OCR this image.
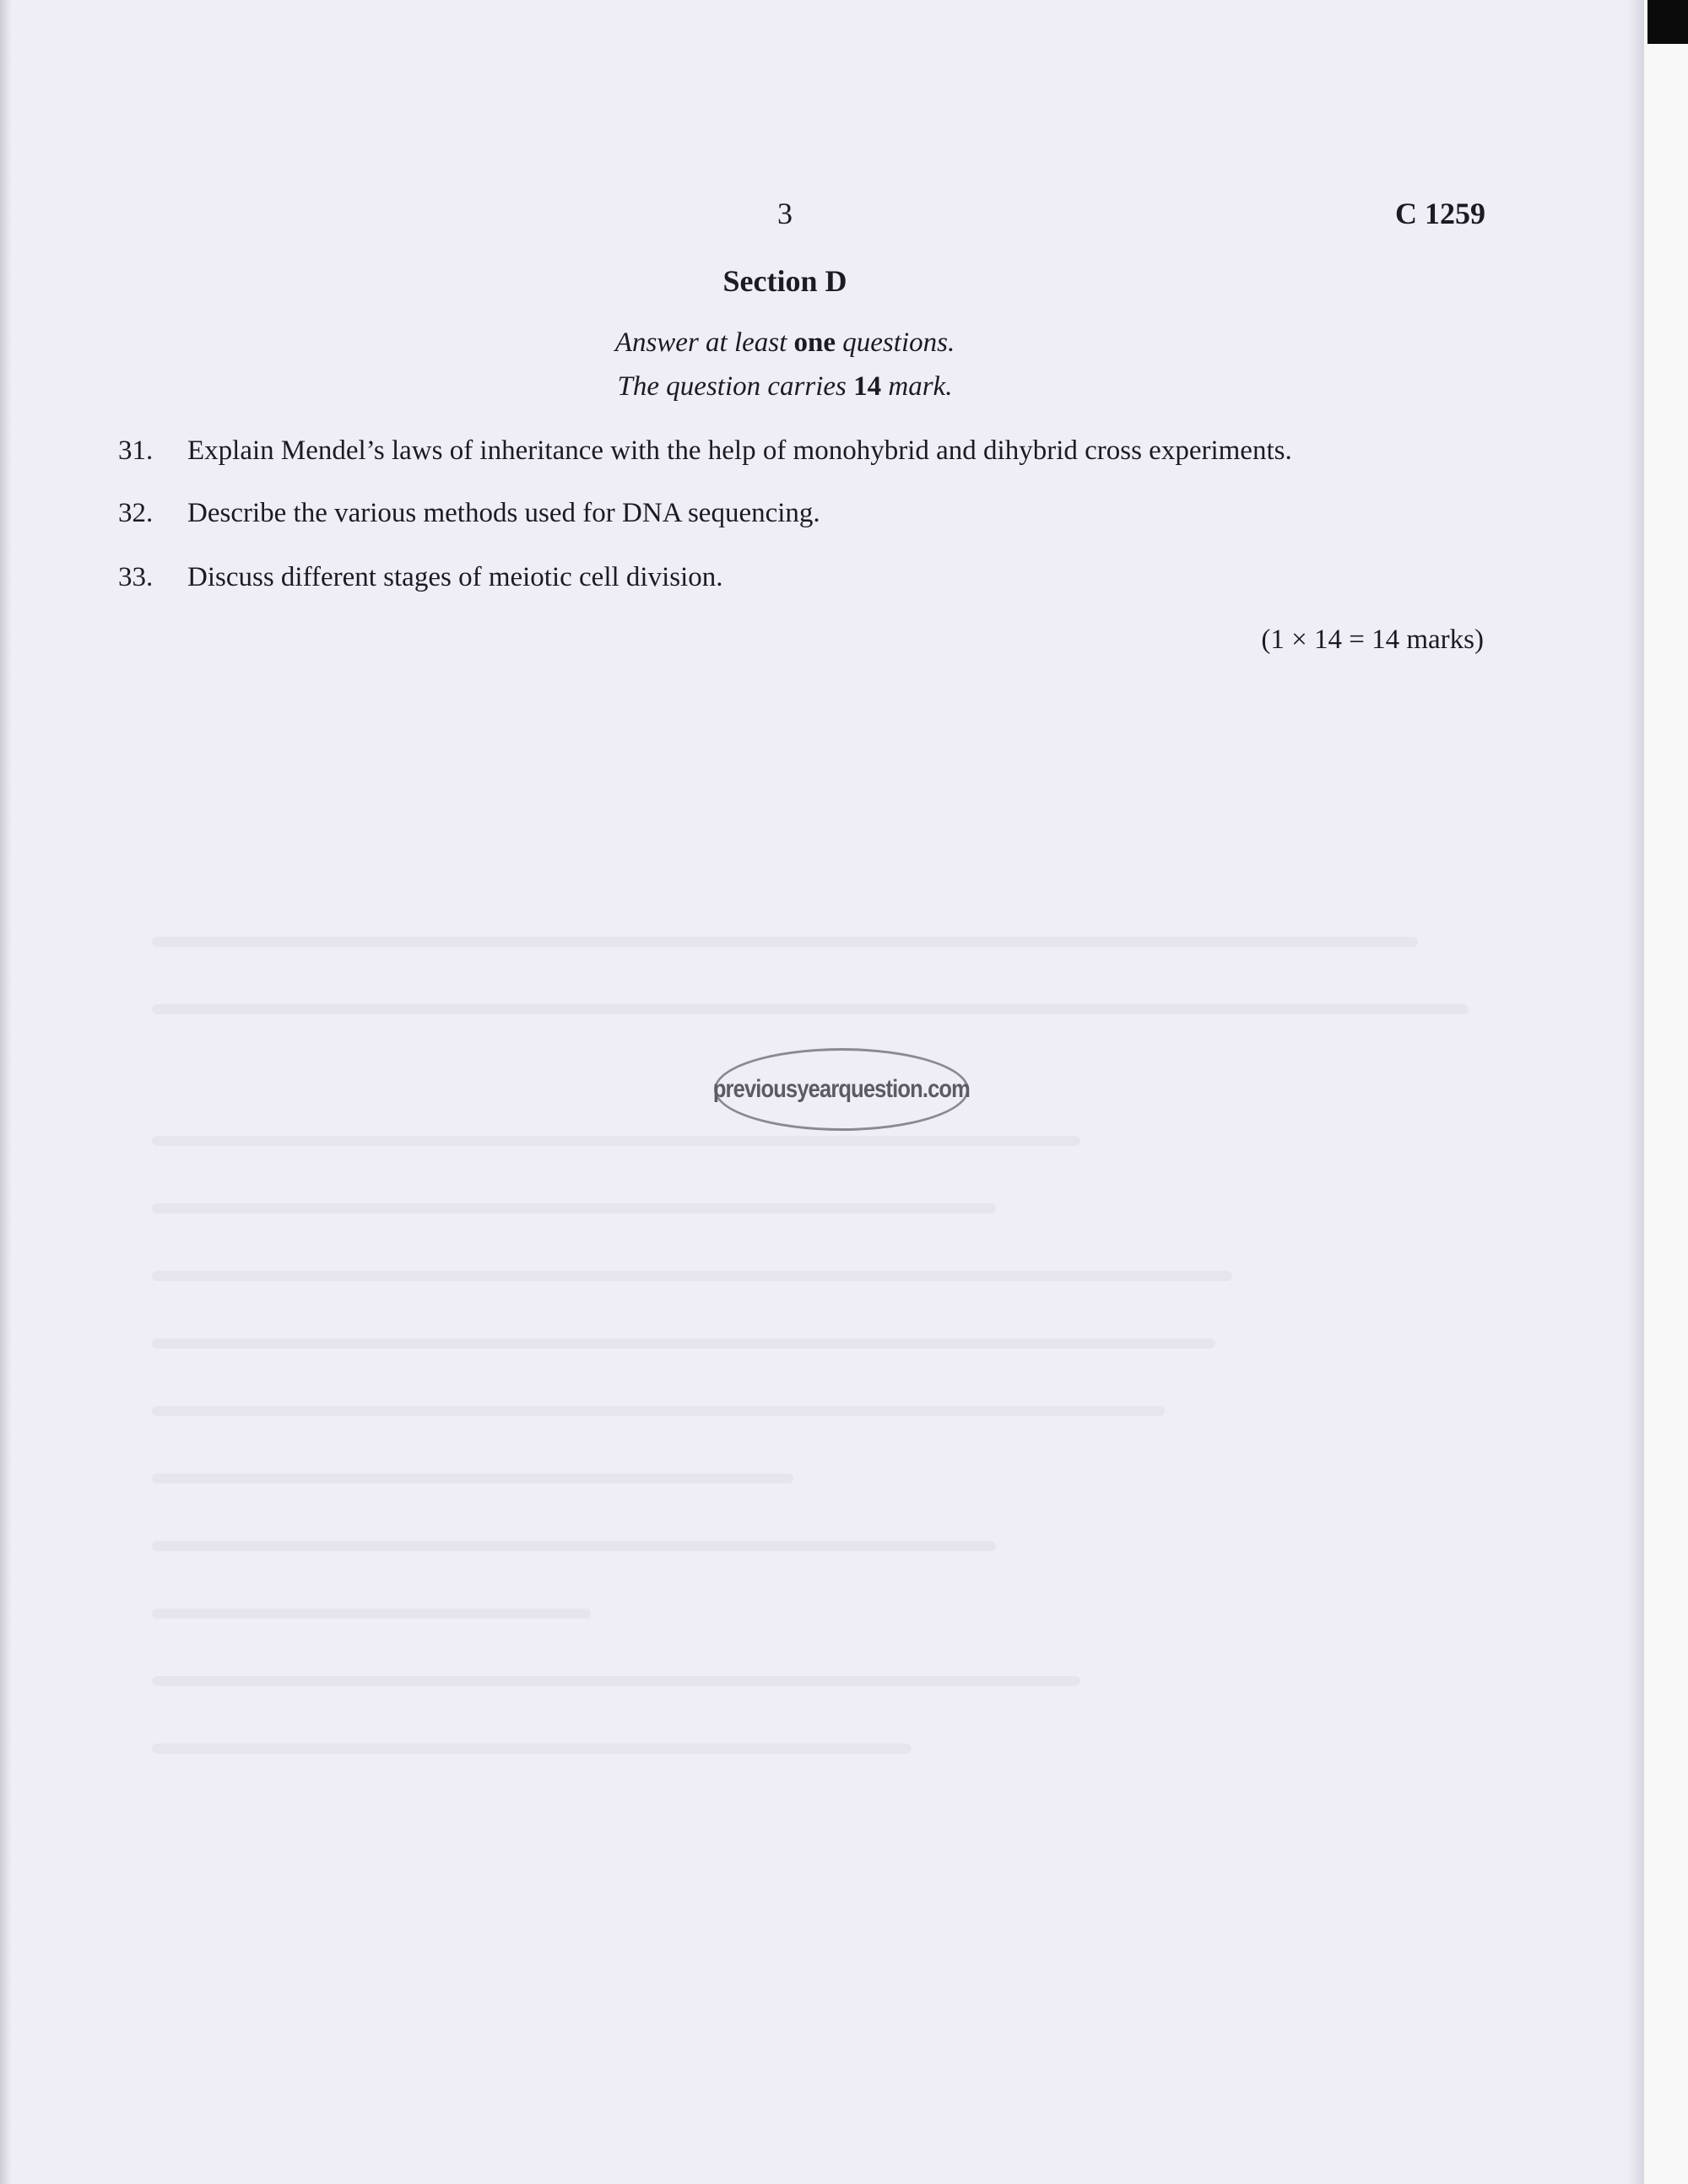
3	C 1259
Section D
Answer at least one questions.
The question carries 14 mark.
31. Explain Mendel’s laws of inheritance with the help of monohybrid and dihybrid cross experiments.
32. Describe the various methods used for DNA sequencing.
33. Discuss different stages of meiotic cell division.
(1 × 14 = 14 marks)
previousyearquestion.com
